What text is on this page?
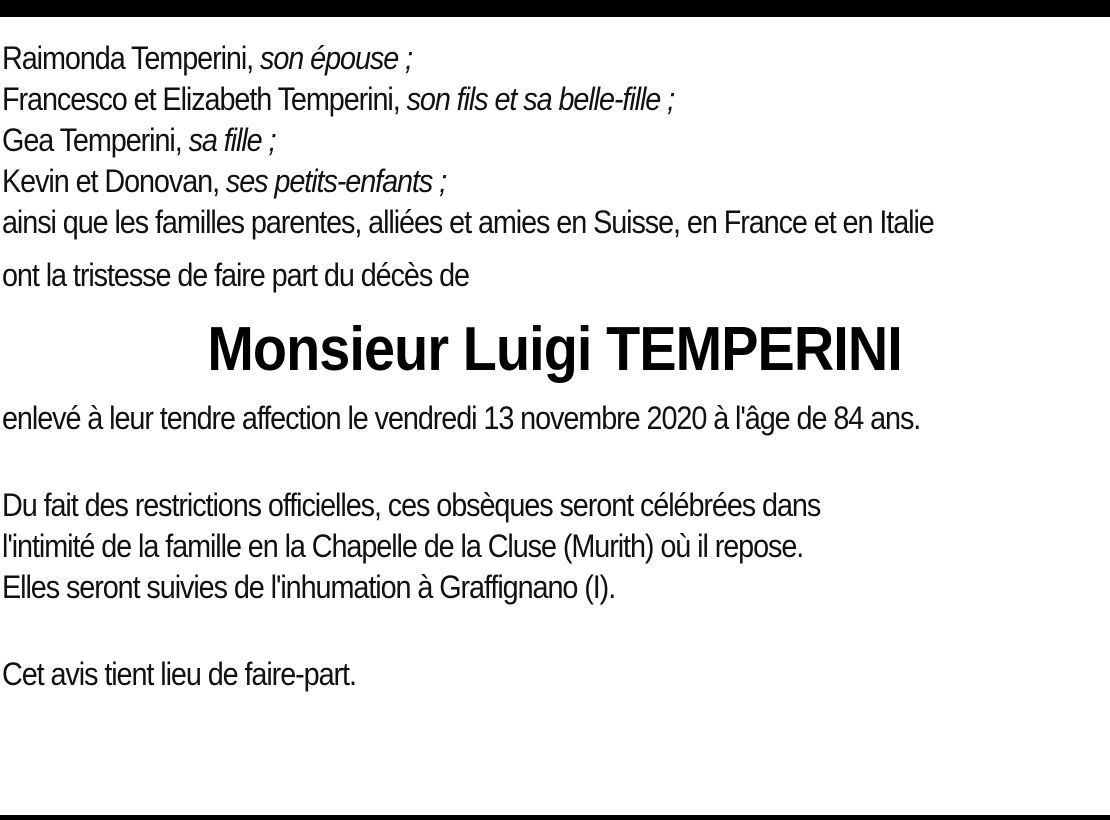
Raimonda Temperini, son épouse ;
Francesco et Elizabeth Temperini, son fils et sa belle-fille ;
Gea Temperini, sa fille ;
Kevin et Donovan, ses petits-enfants ;
ainsi que les familles parentes, alliées et amies en Suisse, en France et en Italie
ont la tristesse de faire part du décès de
Monsieur Luigi TEMPERINI
enlevé à leur tendre affection le vendredi 13 novembre 2020 à l'âge de 84 ans.
Du fait des restrictions officielles, ces obsèques seront célébrées dans
l'intimité de la famille en la Chapelle de la Cluse (Murith) où il repose.
Elles seront suivies de l'inhumation à Graffignano (I).
Cet avis tient lieu de faire-part.
